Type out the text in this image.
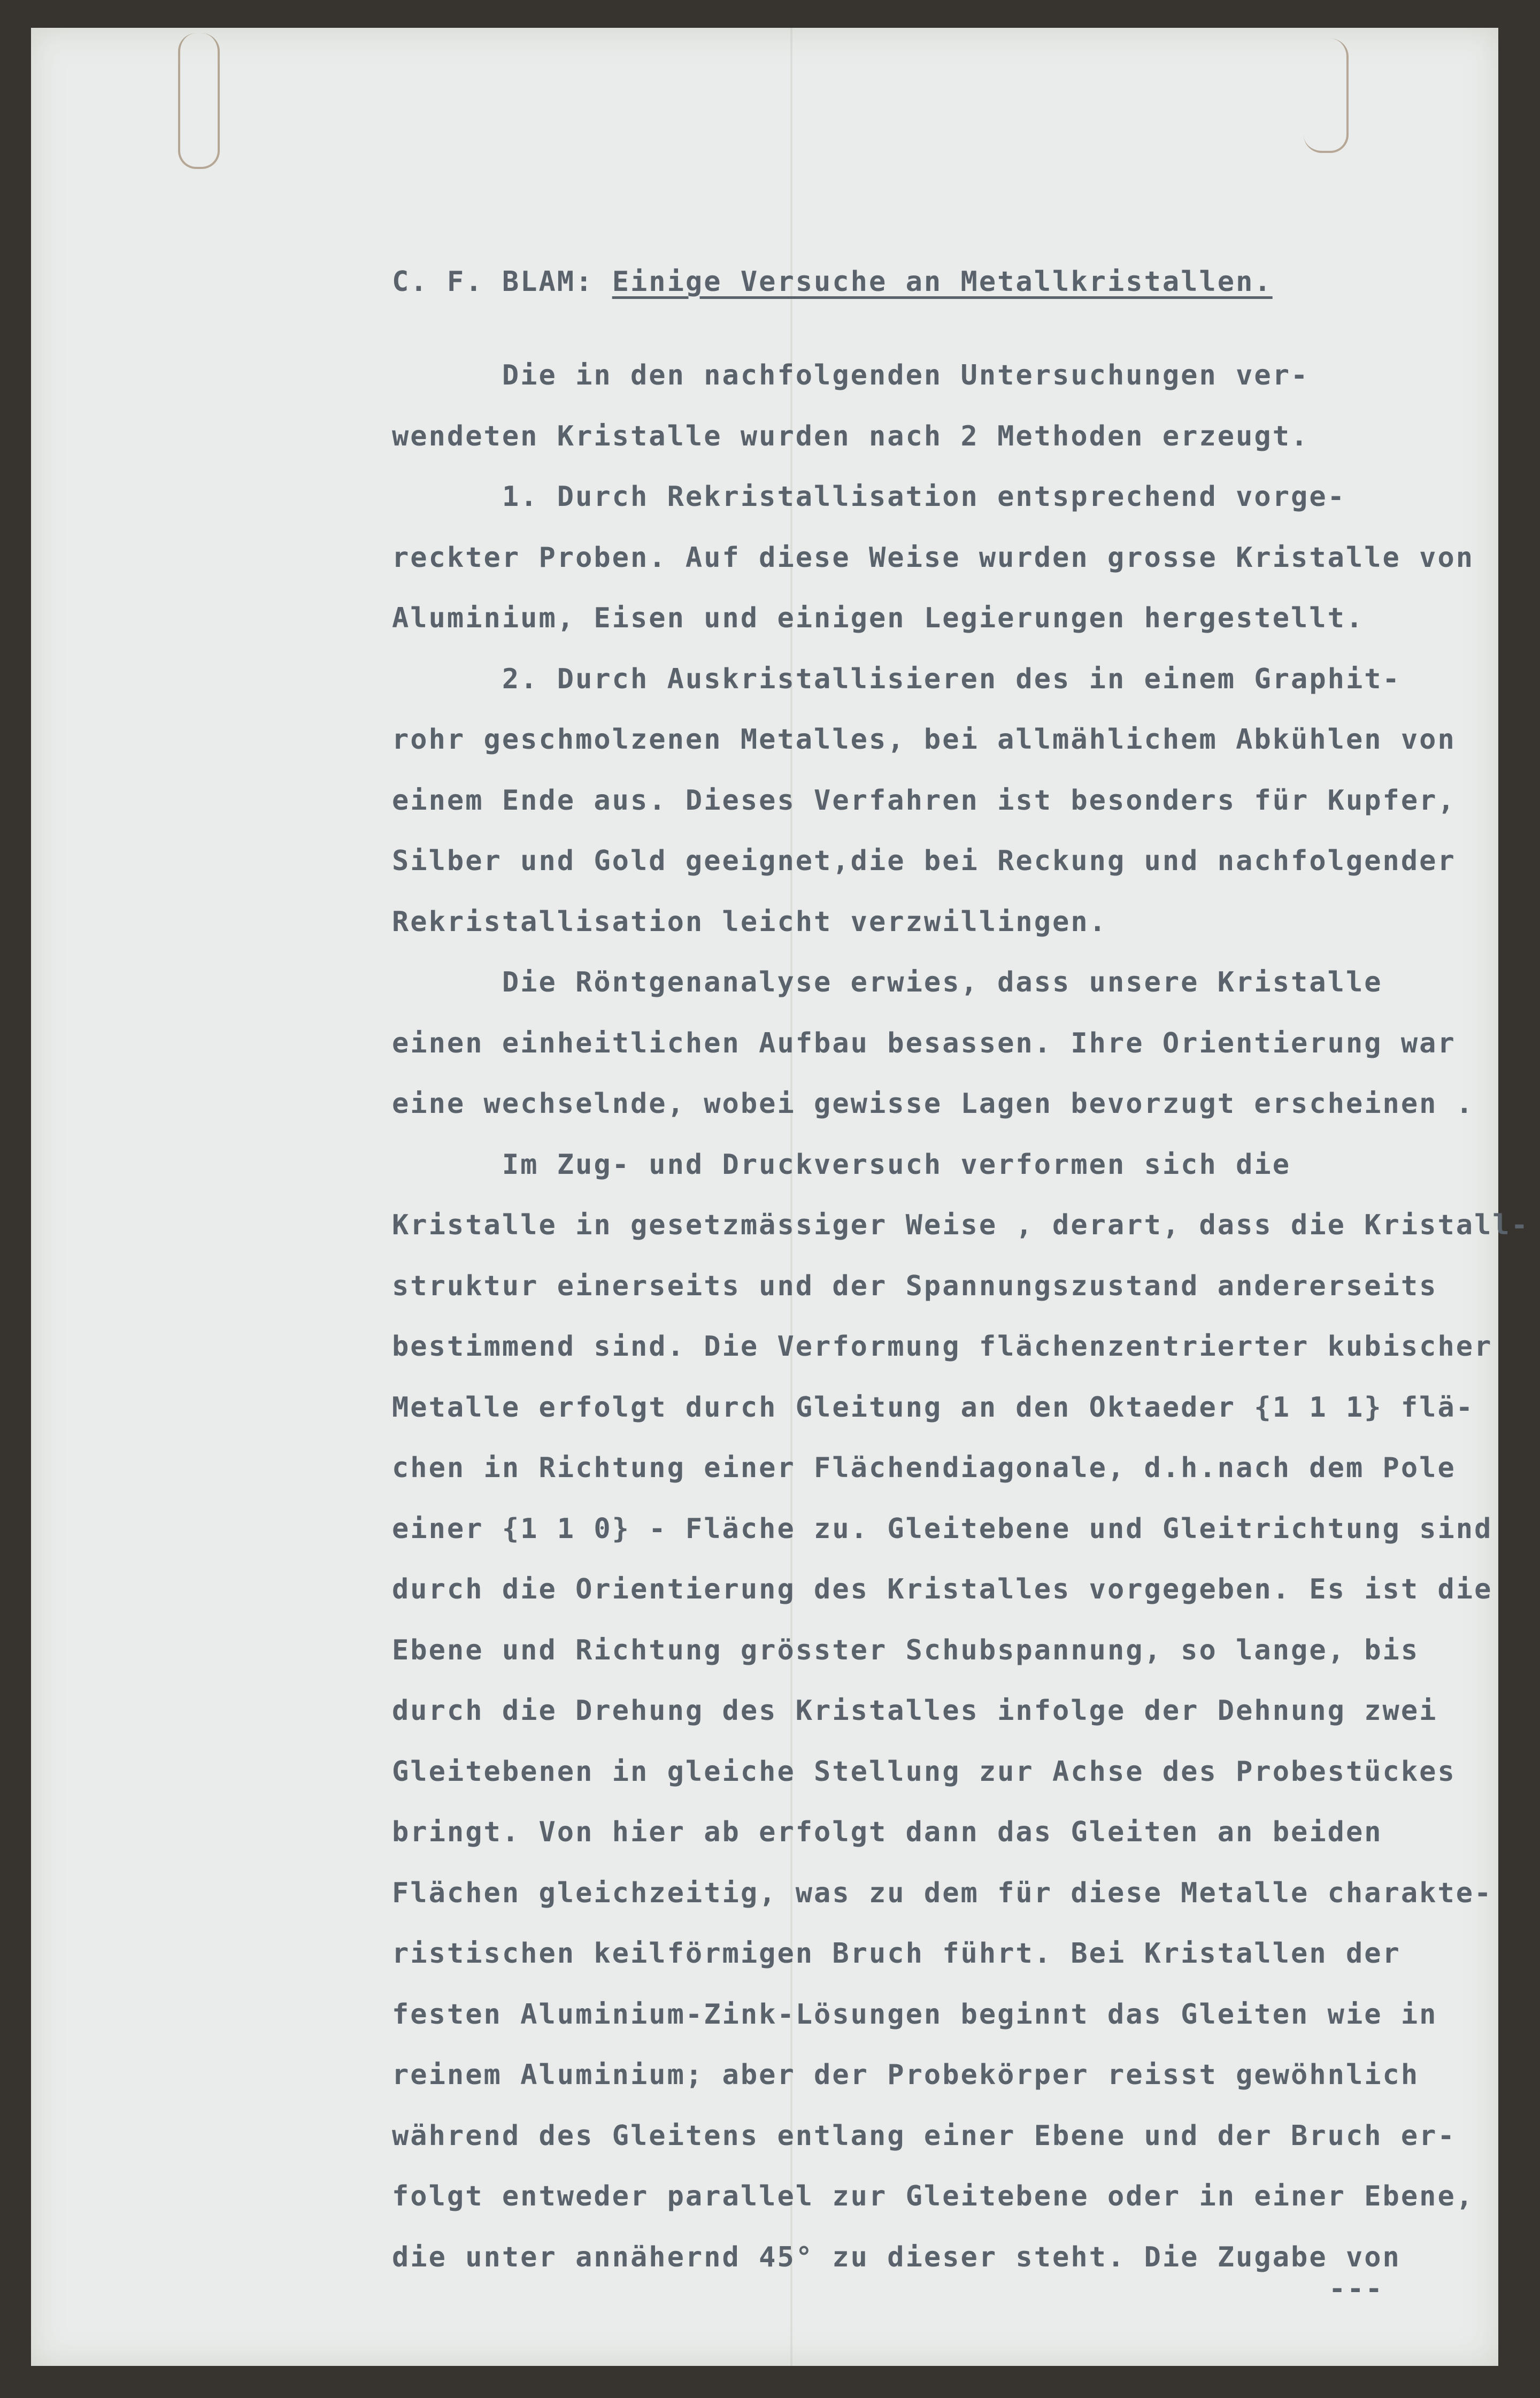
C. F. BLAM: Einige Versuche an Metallkristallen.
Die in den nachfolgenden Untersuchungen ver-
wendeten Kristalle wurden nach 2 Methoden erzeugt.
1. Durch Rekristallisation entsprechend vorge-
reckter Proben. Auf diese Weise wurden grosse Kristalle von
Aluminium, Eisen und einigen Legierungen hergestellt.
2. Durch Auskristallisieren des in einem Graphit-
rohr geschmolzenen Metalles, bei allmählichem Abkühlen von
einem Ende aus. Dieses Verfahren ist besonders für Kupfer,
Silber und Gold geeignet,die bei Reckung und nachfolgender
Rekristallisation leicht verzwillingen.
Die Röntgenanalyse erwies, dass unsere Kristalle
einen einheitlichen Aufbau besassen. Ihre Orientierung war
eine wechselnde, wobei gewisse Lagen bevorzugt erscheinen .
Im Zug- und Druckversuch verformen sich die
Kristalle in gesetzmässiger Weise , derart, dass die Kristall-
struktur einerseits und der Spannungszustand andererseits
bestimmend sind. Die Verformung flächenzentrierter kubischer
Metalle erfolgt durch Gleitung an den Oktaeder {1 1 1} flä-
chen in Richtung einer Flächendiagonale, d.h.nach dem Pole
einer {1 1 0} - Fläche zu. Gleitebene und Gleitrichtung sind
durch die Orientierung des Kristalles vorgegeben. Es ist die
Ebene und Richtung grösster Schubspannung, so lange, bis
durch die Drehung des Kristalles infolge der Dehnung zwei
Gleitebenen in gleiche Stellung zur Achse des Probestückes
bringt. Von hier ab erfolgt dann das Gleiten an beiden
Flächen gleichzeitig, was zu dem für diese Metalle charakte-
ristischen keilförmigen Bruch führt. Bei Kristallen der
festen Aluminium-Zink-Lösungen beginnt das Gleiten wie in
reinem Aluminium; aber der Probekörper reisst gewöhnlich
während des Gleitens entlang einer Ebene und der Bruch er-
folgt entweder parallel zur Gleitebene oder in einer Ebene,
die unter annähernd 45° zu dieser steht. Die Zugabe von
---
